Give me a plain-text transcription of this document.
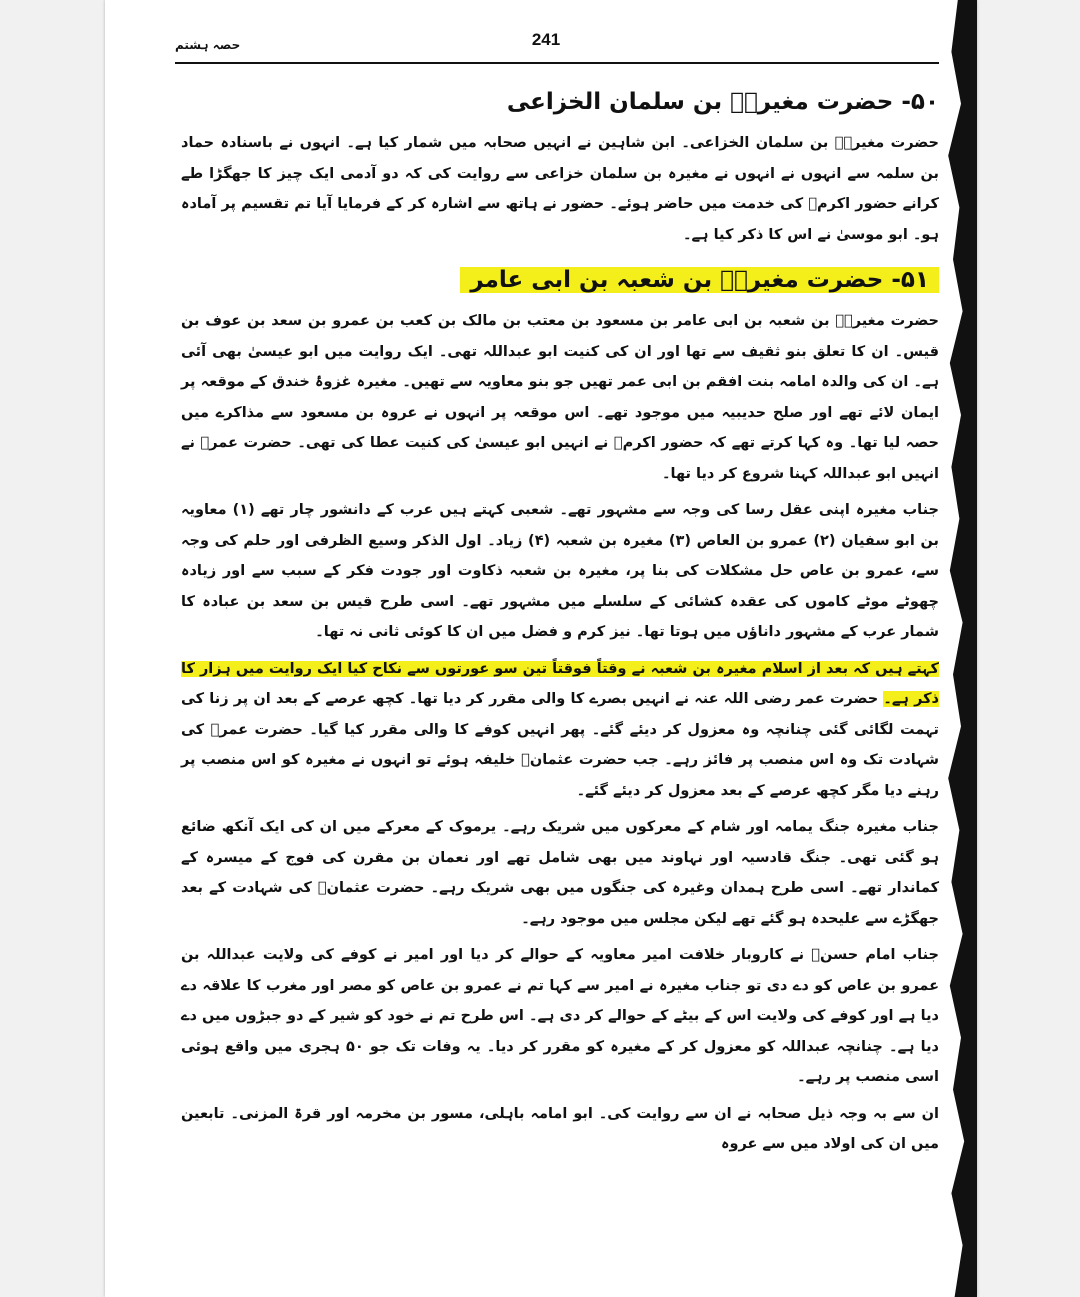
241
حصہ ہشتم
۵۰- حضرت مغیرہؓ بن سلمان الخزاعی

حضرت مغیرہؓ بن سلمان الخزاعی۔ ابن شاہین نے انہیں صحابہ میں شمار کیا ہے۔ انہوں نے باسنادہ حماد بن سلمہ سے انہوں نے انہوں نے مغیرہ بن سلمان خزاعی سے روایت کی کہ دو آدمی ایک چیز کا جھگڑا طے کرانے حضور اکرمؐ کی خدمت میں حاضر ہوئے۔ حضور نے ہاتھ سے اشارہ کر کے فرمایا آیا تم تقسیم پر آمادہ ہو۔ ابو موسیٰ نے اس کا ذکر کیا ہے۔

۵۱- حضرت مغیرہؓ بن شعبہ بن ابی عامر

حضرت مغیرہؓ بن شعبہ بن ابی عامر بن مسعود بن معتب بن مالک بن کعب بن عمرو بن سعد بن عوف بن قیس۔ ان کا تعلق بنو ثقیف سے تھا اور ان کی کنیت ابو عبداللہ تھی۔ ایک روایت میں ابو عیسیٰ بھی آئی ہے۔ ان کی والدہ امامہ بنت افقم بن ابی عمر تھیں جو بنو معاویہ سے تھیں۔ مغیرہ غزوۂ خندق کے موقعہ پر ایمان لائے تھے اور صلح حدیبیہ میں موجود تھے۔ اس موقعہ پر انہوں نے عروہ بن مسعود سے مذاکرے میں حصہ لیا تھا۔ وہ کہا کرتے تھے کہ حضور اکرمؐ نے انہیں ابو عیسیٰ کی کنیت عطا کی تھی۔ حضرت عمرؓ نے انہیں ابو عبداللہ کہنا شروع کر دیا تھا۔

جناب مغیرہ اپنی عقل رسا کی وجہ سے مشہور تھے۔ شعبی کہتے ہیں عرب کے دانشور چار تھے (۱) معاویہ بن ابو سفیان (۲) عمرو بن العاص (۳) مغیرہ بن شعبہ (۴) زیاد۔ اول الذکر وسیع الظرفی اور حلم کی وجہ سے، عمرو بن عاص حل مشکلات کی بنا پر، مغیرہ بن شعبہ ذکاوت اور جودت فکر کے سبب سے اور زیادہ چھوٹے موٹے کاموں کی عقدہ کشائی کے سلسلے میں مشہور تھے۔ اسی طرح قیس بن سعد بن عبادہ کا شمار عرب کے مشہور داناؤں میں ہوتا تھا۔ نیز کرم و فضل میں ان کا کوئی ثانی نہ تھا۔

کہتے ہیں کہ بعد از اسلام مغیرہ بن شعبہ نے وقتاً فوقتاً تین سو عورتوں سے نکاح کیا ایک روایت میں ہزار کا ذکر ہے۔ حضرت عمر رضی اللہ عنہ نے انہیں بصرے کا والی مقرر کر دیا تھا۔ کچھ عرصے کے بعد ان پر زنا کی تہمت لگائی گئی چنانچہ وہ معزول کر دیئے گئے۔ پھر انہیں کوفے کا والی مقرر کیا گیا۔ حضرت عمرؓ کی شہادت تک وہ اس منصب پر فائز رہے۔ جب حضرت عثمانؓ خلیفہ ہوئے تو انہوں نے مغیرہ کو اس منصب پر رہنے دیا مگر کچھ عرصے کے بعد معزول کر دیئے گئے۔

جناب مغیرہ جنگ یمامہ اور شام کے معرکوں میں شریک رہے۔ یرموک کے معرکے میں ان کی ایک آنکھ ضائع ہو گئی تھی۔ جنگ قادسیہ اور نہاوند میں بھی شامل تھے اور نعمان بن مقرن کی فوج کے میسرہ کے کماندار تھے۔ اسی طرح ہمدان وغیرہ کی جنگوں میں بھی شریک رہے۔ حضرت عثمانؓ کی شہادت کے بعد جھگڑے سے علیحدہ ہو گئے تھے لیکن مجلس میں موجود رہے۔

جناب امام حسنؓ نے کاروبار خلافت امیر معاویہ کے حوالے کر دیا اور امیر نے کوفے کی ولایت عبداللہ بن عمرو بن عاص کو دے دی تو جناب مغیرہ نے امیر سے کہا تم نے عمرو بن عاص کو مصر اور مغرب کا علاقہ دے دیا ہے اور کوفے کی ولایت اس کے بیٹے کے حوالے کر دی ہے۔ اس طرح تم نے خود کو شیر کے دو جبڑوں میں دے دیا ہے۔ چنانچہ عبداللہ کو معزول کر کے مغیرہ کو مقرر کر دیا۔ یہ وفات تک جو ۵۰ ہجری میں واقع ہوئی اسی منصب پر رہے۔

ان سے بہ وجہ ذیل صحابہ نے ان سے روایت کی۔ ابو امامہ باہلی، مسور بن مخرمہ اور قرۃ المزنی۔ تابعین میں ان کی اولاد میں سے عروہ
